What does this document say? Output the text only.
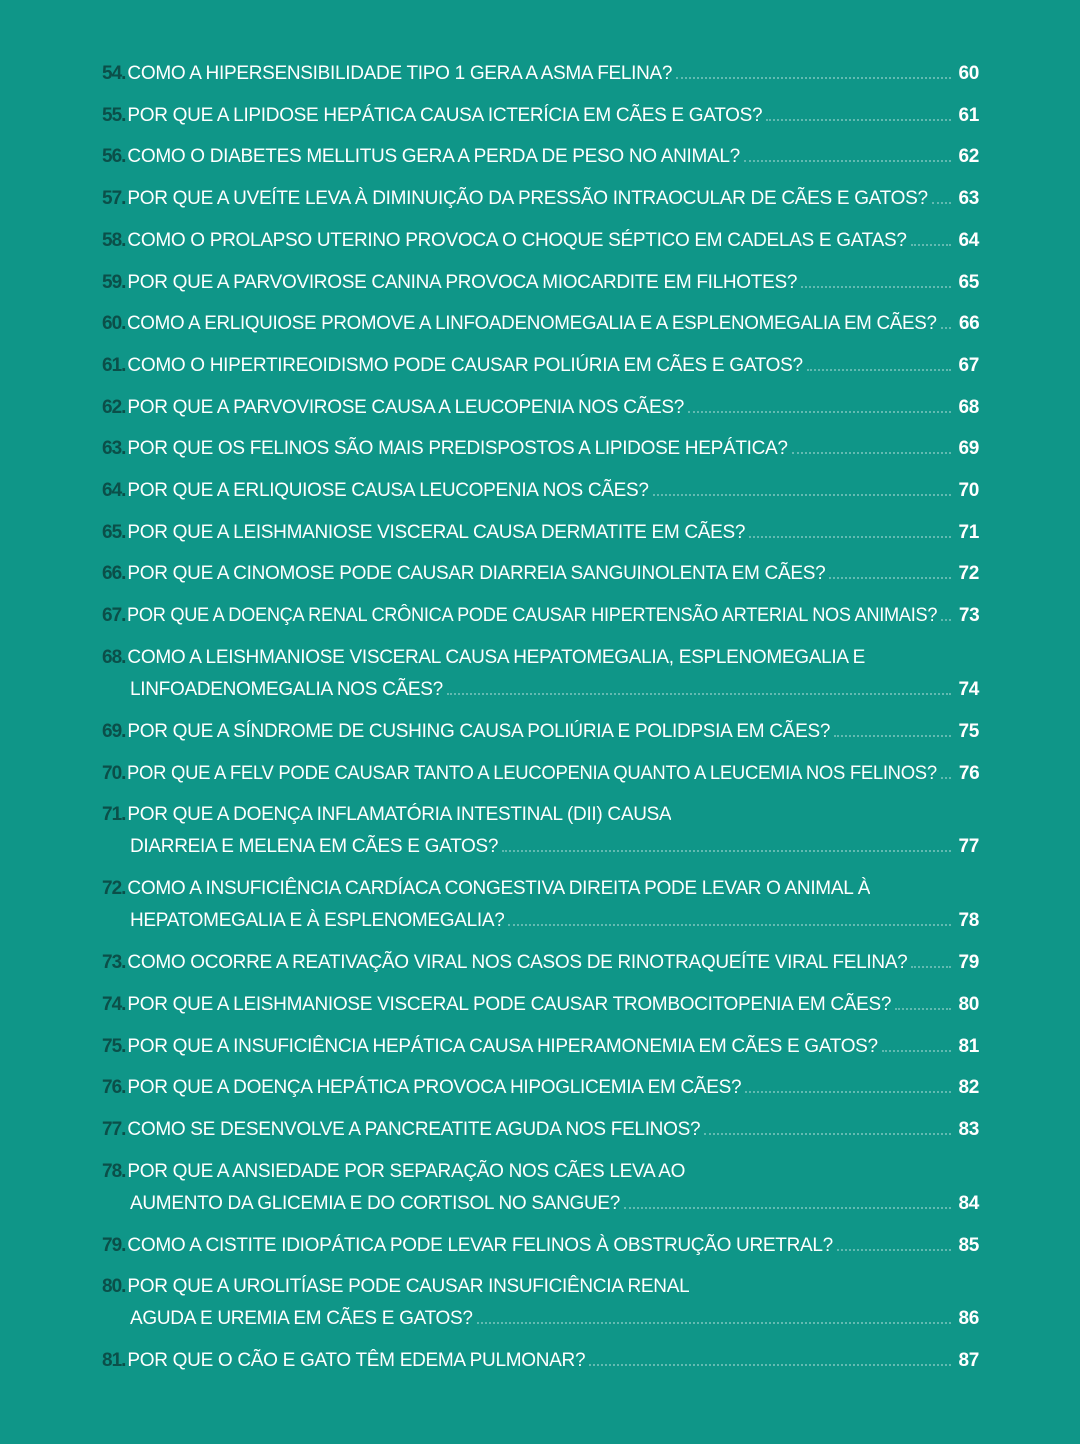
54. COMO A HIPERSENSIBILIDADE TIPO 1 GERA A ASMA FELINA?	60
55. POR QUE A LIPIDOSE HEPÁTICA CAUSA ICTERÍCIA EM CÃES E GATOS?	61
56. COMO O DIABETES MELLITUS GERA A PERDA DE PESO NO ANIMAL?	62
57. POR QUE A UVEÍTE LEVA À DIMINUIÇÃO DA PRESSÃO INTRAOCULAR DE CÃES E GATOS? 63
58. COMO O PROLAPSO UTERINO PROVOCA O CHOQUE SÉPTICO EM CADELAS E GATAS?	64
59. POR QUE A PARVOVIROSE CANINA PROVOCA MIOCARDITE EM FILHOTES?	65
60. COMO A ERLIQUIOSE PROMOVE A LINFOADENOMEGALIA E A ESPLENOMEGALIA EM CÃES? 66
61. COMO O HIPERTIREOIDISMO PODE CAUSAR POLIÚRIA EM CÃES E GATOS?	67
62. POR QUE A PARVOVIROSE CAUSA A LEUCOPENIA NOS CÃES?	68
63. POR QUE OS FELINOS SÃO MAIS PREDISPOSTOS A LIPIDOSE HEPÁTICA?	69
64. POR QUE A ERLIQUIOSE CAUSA LEUCOPENIA NOS CÃES?	70
65. POR QUE A LEISHMANIOSE VISCERAL CAUSA DERMATITE EM CÃES?	71
66. POR QUE A CINOMOSE PODE CAUSAR DIARREIA SANGUINOLENTA EM CÃES?	72
67. POR QUE A DOENÇA RENAL CRÔNICA PODE CAUSAR HIPERTENSÃO ARTERIAL NOS ANIMAIS? 73
68. COMO A LEISHMANIOSE VISCERAL CAUSA HEPATOMEGALIA, ESPLENOMEGALIA E
LINFOADENOMEGALIA NOS CÃES?	74
69. POR QUE A SÍNDROME DE CUSHING CAUSA POLIÚRIA E POLIDPSIA EM CÃES?	75
70. POR QUE A FELV PODE CAUSAR TANTO A LEUCOPENIA QUANTO A LEUCEMIA NOS FELINOS? 76
71. POR QUE A DOENÇA INFLAMATÓRIA INTESTINAL (DII) CAUSA
DIARREIA E MELENA EM CÃES E GATOS?	77
72. COMO A INSUFICIÊNCIA CARDÍACA CONGESTIVA DIREITA PODE LEVAR O ANIMAL À
HEPATOMEGALIA E À ESPLENOMEGALIA?	78
73. COMO OCORRE A REATIVAÇÃO VIRAL NOS CASOS DE RINOTRAQUEÍTE VIRAL FELINA?	79
74. POR QUE A LEISHMANIOSE VISCERAL PODE CAUSAR TROMBOCITOPENIA EM CÃES?	80
75. POR QUE A INSUFICIÊNCIA HEPÁTICA CAUSA HIPERAMONEMIA EM CÃES E GATOS?	81
76. POR QUE A DOENÇA HEPÁTICA PROVOCA HIPOGLICEMIA EM CÃES?	82
77. COMO SE DESENVOLVE A PANCREATITE AGUDA NOS FELINOS?	83
78. POR QUE A ANSIEDADE POR SEPARAÇÃO NOS CÃES LEVA AO
AUMENTO DA GLICEMIA E DO CORTISOL NO SANGUE?	84
79. COMO A CISTITE IDIOPÁTICA PODE LEVAR FELINOS À OBSTRUÇÃO URETRAL?	85
80. POR QUE A UROLITÍASE PODE CAUSAR INSUFICIÊNCIA RENAL
AGUDA E UREMIA EM CÃES E GATOS?	86
81. POR QUE O CÃO E GATO TÊM EDEMA PULMONAR?	87
